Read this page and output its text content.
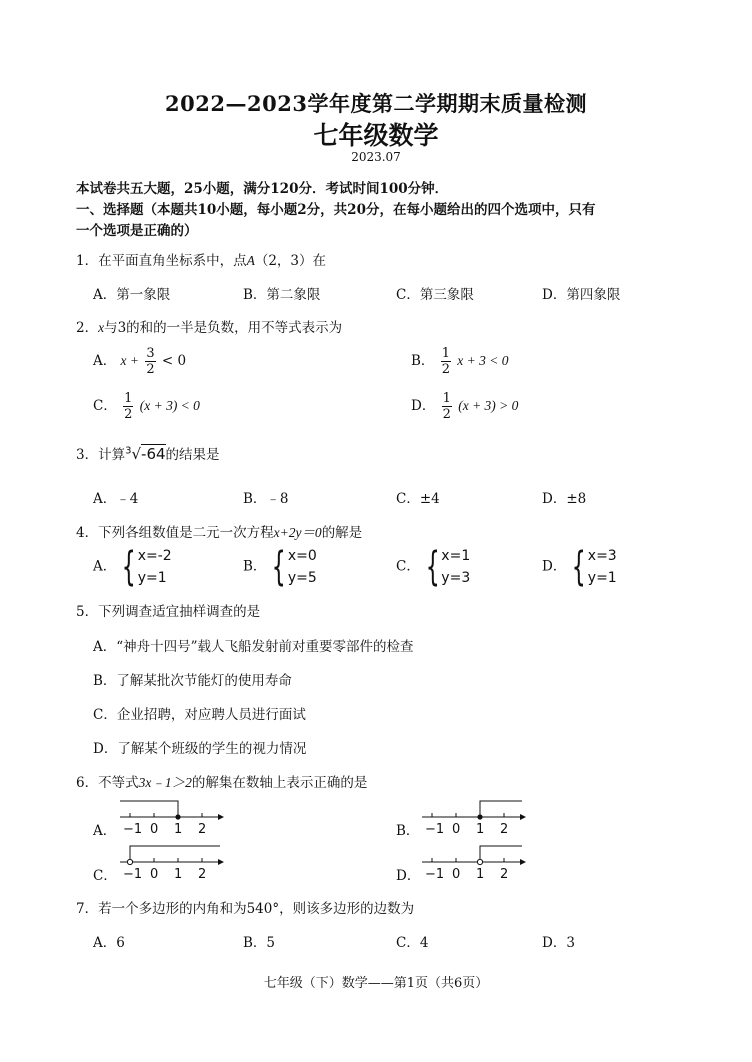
2022—2023学年度第二学期期末质量检测
七年级数学
2023.07
本试卷共五大题，25小题，满分120分．考试时间100分钟．
一、选择题（本题共10小题，每小题2分，共20分，在每小题给出的四个选项中，只有
一个选项是正确的）
1．在平面直角坐标系中，点A（2，3）在
A．第一象限	B．第二象限	C．第三象限	D．第四象限
2．x与3的和的一半是负数，用不等式表示为
A． $x + \frac{3}{2} < 0$	B． $\frac{1}{2}$ x + 3 < 0
C． $\frac{1}{2} (x + 3) < 0$	D． $\frac{1}{2} (x + 3) > 0$
3．计算$^3$√-64的结果是
A．﹣4	B．﹣8	C．±4	D．±8
4．下列各组数值是二元一次方程x+2y＝0的解是
A． { x=-2
y=1
B． { x=0
y=5
C． { x=1
y=3
D． { x=3
y=1
5．下列调查适宜抽样调查的是
A．“神舟十四号”载人飞船发射前对重要零部件的检查
B．了解某批次节能灯的使用寿命
C．企业招聘，对应聘人员进行面试
D．了解某个班级的学生的视力情况
6．不等式3x﹣1＞2的解集在数轴上表示正确的是
A．	B．
C．	D．
−1 0 1 2	−1 0 1 2
−1 0 1 2	−1 0 1 2
7．若一个多边形的内角和为540°，则该多边形的边数为
A．6	B．5	C．4	D．3
七年级（下）数学——第1页（共6页）
